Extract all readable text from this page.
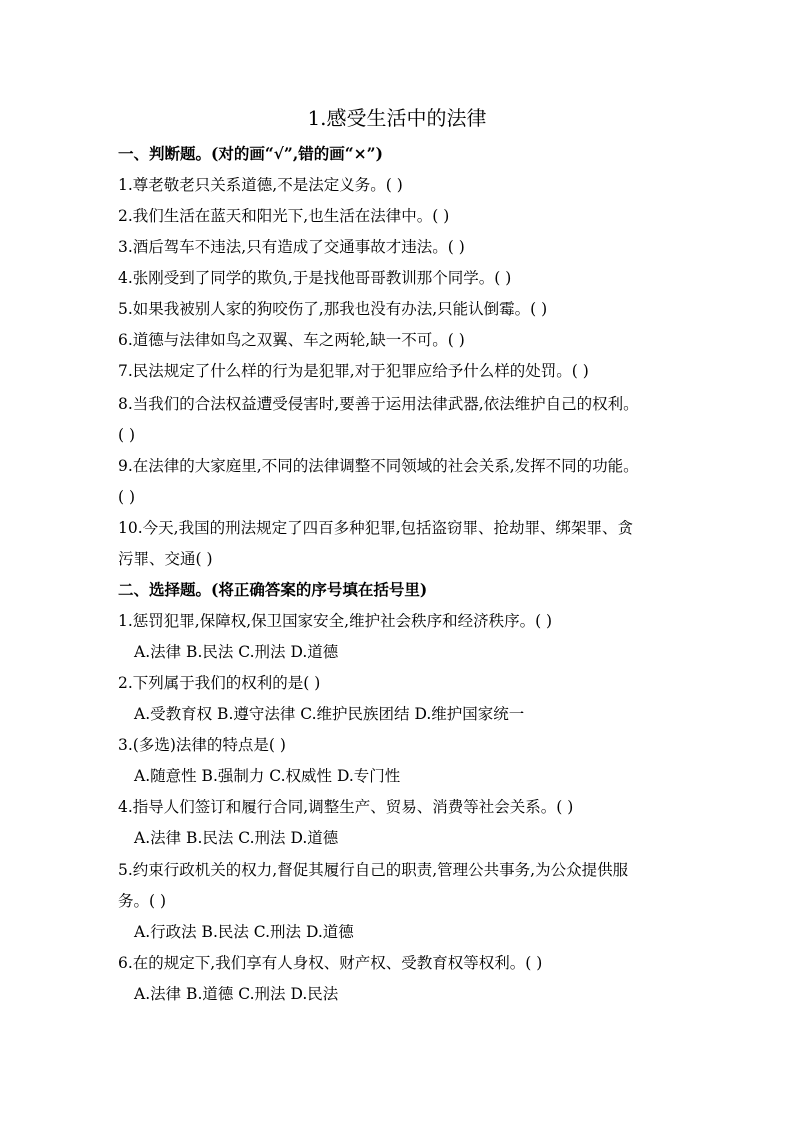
1.感受生活中的法律
一、判断题。(对的画“√”,错的画“×”)
1.尊老敬老只关系道德,不是法定义务。( )
2.我们生活在蓝天和阳光下,也生活在法律中。( )
3.酒后驾车不违法,只有造成了交通事故才违法。( )
4.张刚受到了同学的欺负,于是找他哥哥教训那个同学。( )
5.如果我被别人家的狗咬伤了,那我也没有办法,只能认倒霉。( )
6.道德与法律如鸟之双翼、车之两轮,缺一不可。( )
7.民法规定了什么样的行为是犯罪,对于犯罪应给予什么样的处罚。( )
8.当我们的合法权益遭受侵害时,要善于运用法律武器,依法维护自己的权利。
( )
9.在法律的大家庭里,不同的法律调整不同领域的社会关系,发挥不同的功能。
( )
10.今天,我国的刑法规定了四百多种犯罪,包括盗窃罪、抢劫罪、绑架罪、贪
污罪、交通( )
二、选择题。(将正确答案的序号填在括号里)
1.惩罚犯罪,保障权,保卫国家安全,维护社会秩序和经济秩序。( )
A.法律 B.民法 C.刑法 D.道德
2.下列属于我们的权利的是( )
A.受教育权 B.遵守法律 C.维护民族团结 D.维护国家统一
3.(多选)法律的特点是( )
A.随意性 B.强制力 C.权威性 D.专门性
4.指导人们签订和履行合同,调整生产、贸易、消费等社会关系。( )
A.法律 B.民法 C.刑法 D.道德
5.约束行政机关的权力,督促其履行自己的职责,管理公共事务,为公众提供服
务。( )
A.行政法 B.民法 C.刑法 D.道德
6.在的规定下,我们享有人身权、财产权、受教育权等权利。( )
A.法律 B.道德 C.刑法 D.民法
